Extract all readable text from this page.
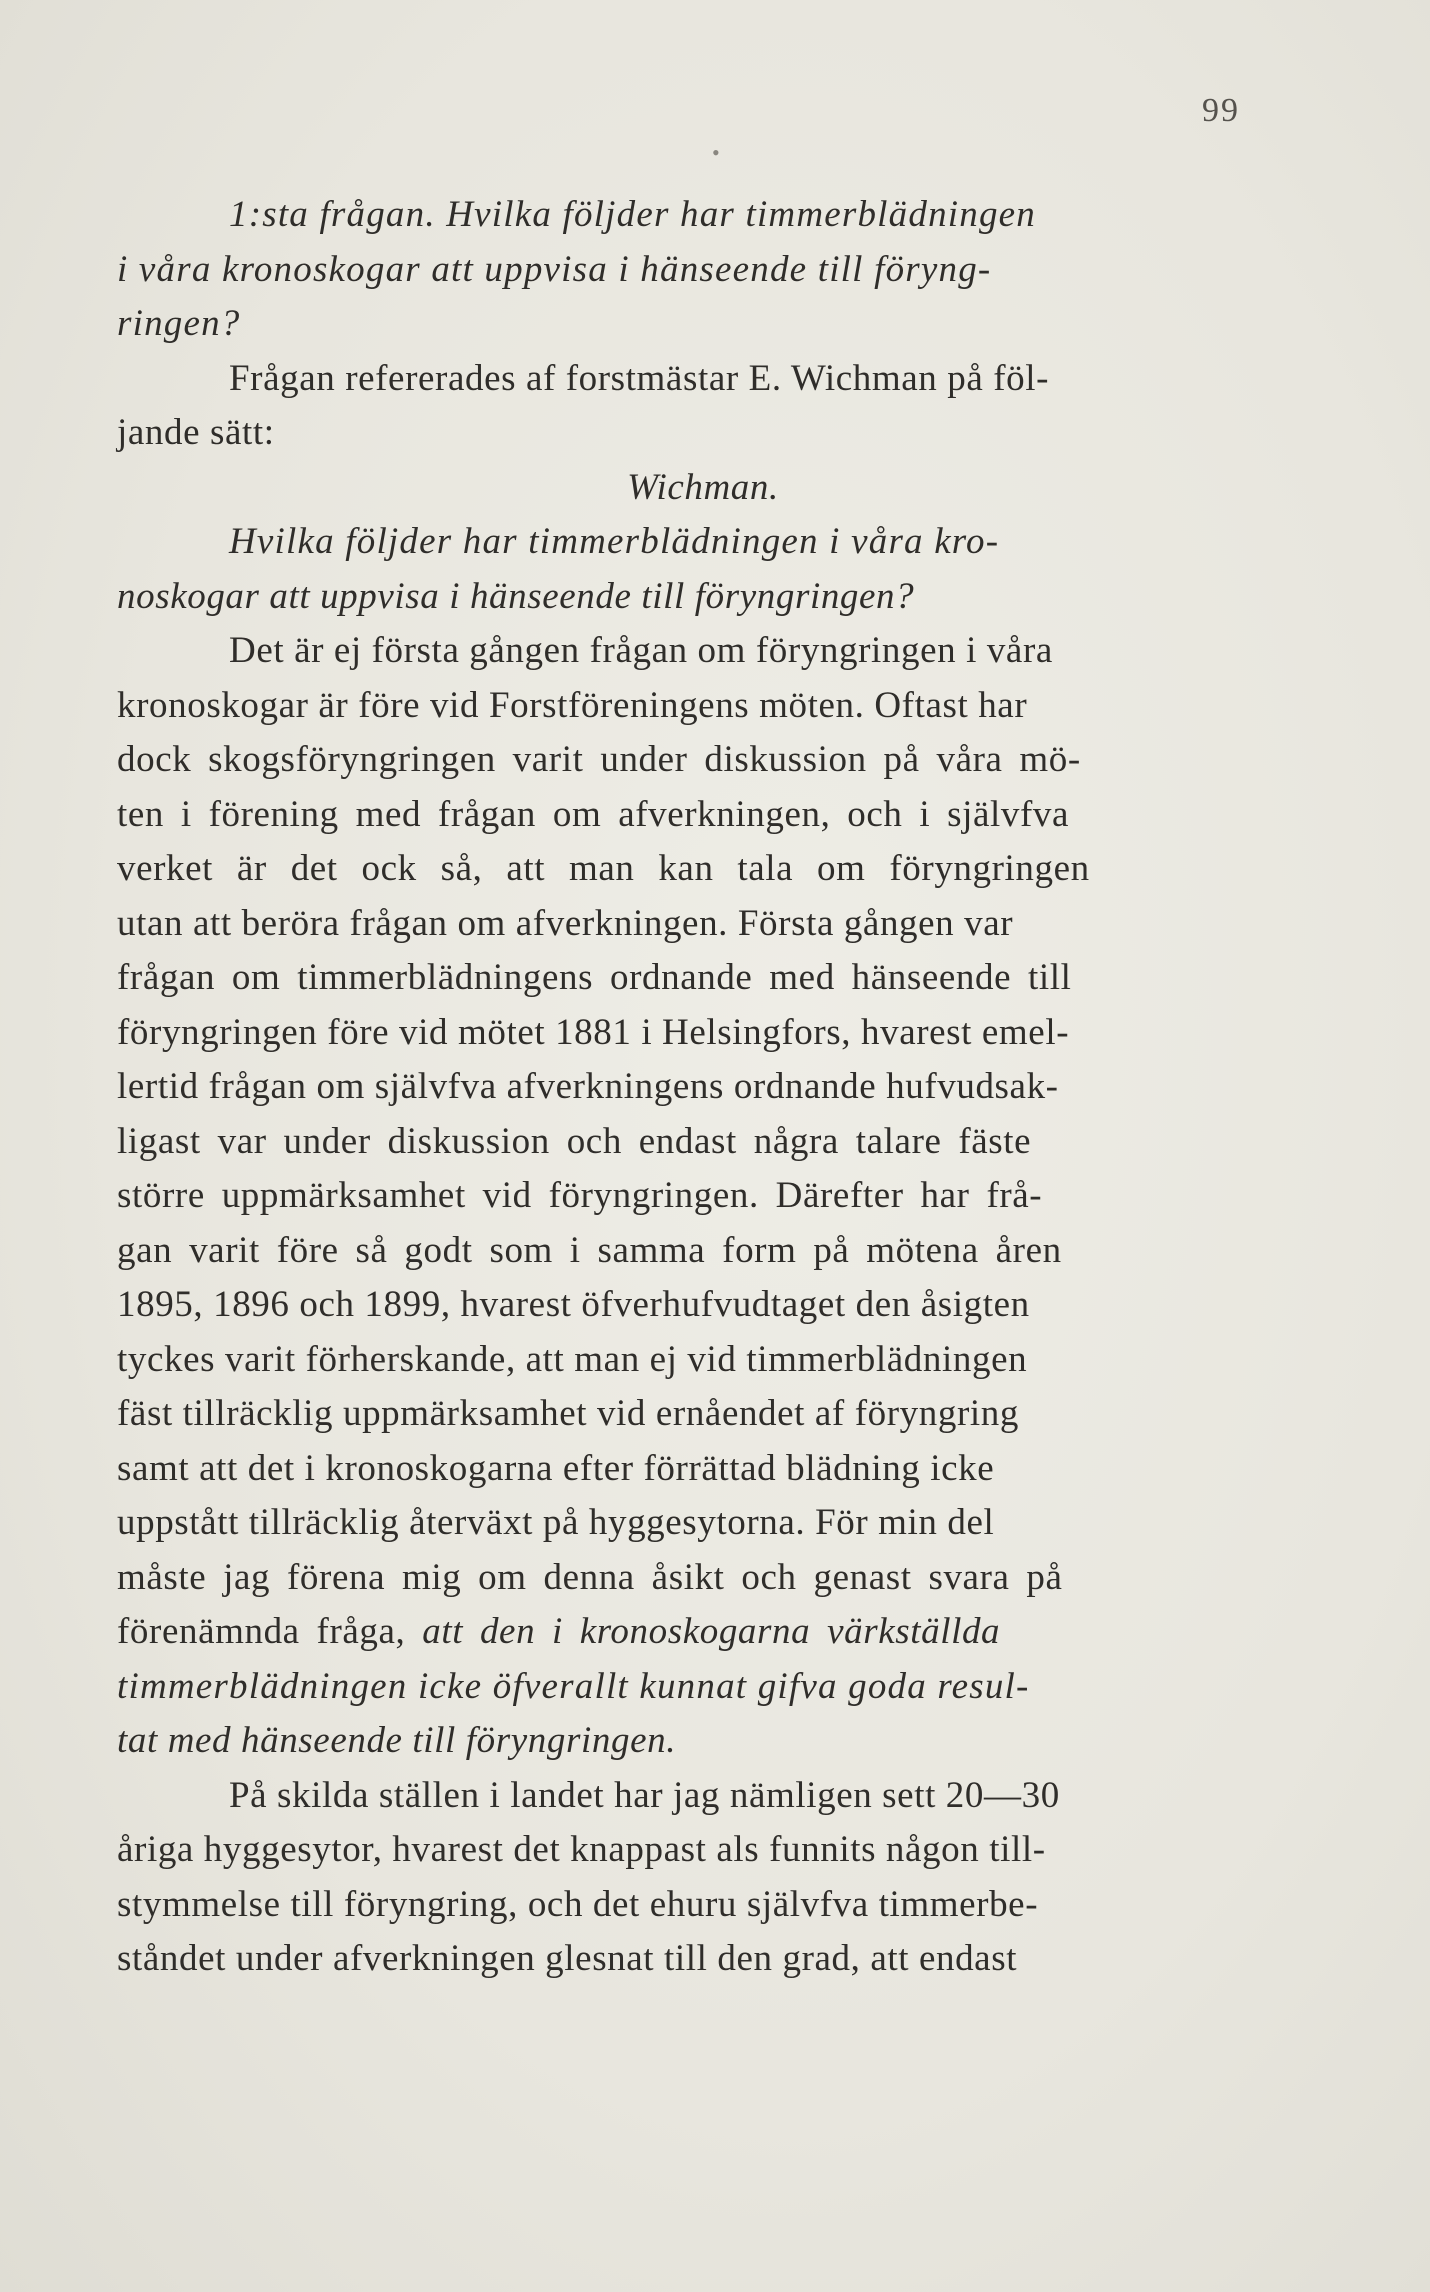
99
•

1:sta frågan. Hvilka följder har timmerblädningen

i våra kronoskogar att uppvisa i hänseende till föryng-

ringen?

Frågan refererades af forstmästar E. Wichman på föl-

jande sätt:

Wichman.

Hvilka följder har timmerblädningen i våra kro-

noskogar att uppvisa i hänseende till föryngringen?

Det är ej första gången frågan om föryngringen i våra

kronoskogar är före vid Forstföreningens möten. Oftast har

dock skogsföryngringen varit under diskussion på våra mö-

ten i förening med frågan om afverkningen, och i självfva

verket är det ock så, att man kan tala om föryngringen

utan att beröra frågan om afverkningen. Första gången var

frågan om timmerblädningens ordnande med hänseende till

föryngringen före vid mötet 1881 i Helsingfors, hvarest emel-

lertid frågan om självfva afverkningens ordnande hufvudsak-

ligast var under diskussion och endast några talare fäste

större uppmärksamhet vid föryngringen. Därefter har frå-

gan varit före så godt som i samma form på mötena åren

1895, 1896 och 1899, hvarest öfverhufvudtaget den åsigten

tyckes varit förherskande, att man ej vid timmerblädningen

fäst tillräcklig uppmärksamhet vid ernåendet af föryngring

samt att det i kronoskogarna efter förrättad blädning icke

uppstått tillräcklig återväxt på hyggesytorna. För min del

måste jag förena mig om denna åsikt och genast svara på

förenämnda fråga, att den i kronoskogarna värkställda

timmerblädningen icke öfverallt kunnat gifva goda resul-

tat med hänseende till föryngringen.

På skilda ställen i landet har jag nämligen sett 20—30

åriga hyggesytor, hvarest det knappast als funnits någon till-

stymmelse till föryngring, och det ehuru självfva timmerbe-

ståndet under afverkningen glesnat till den grad, att endast
